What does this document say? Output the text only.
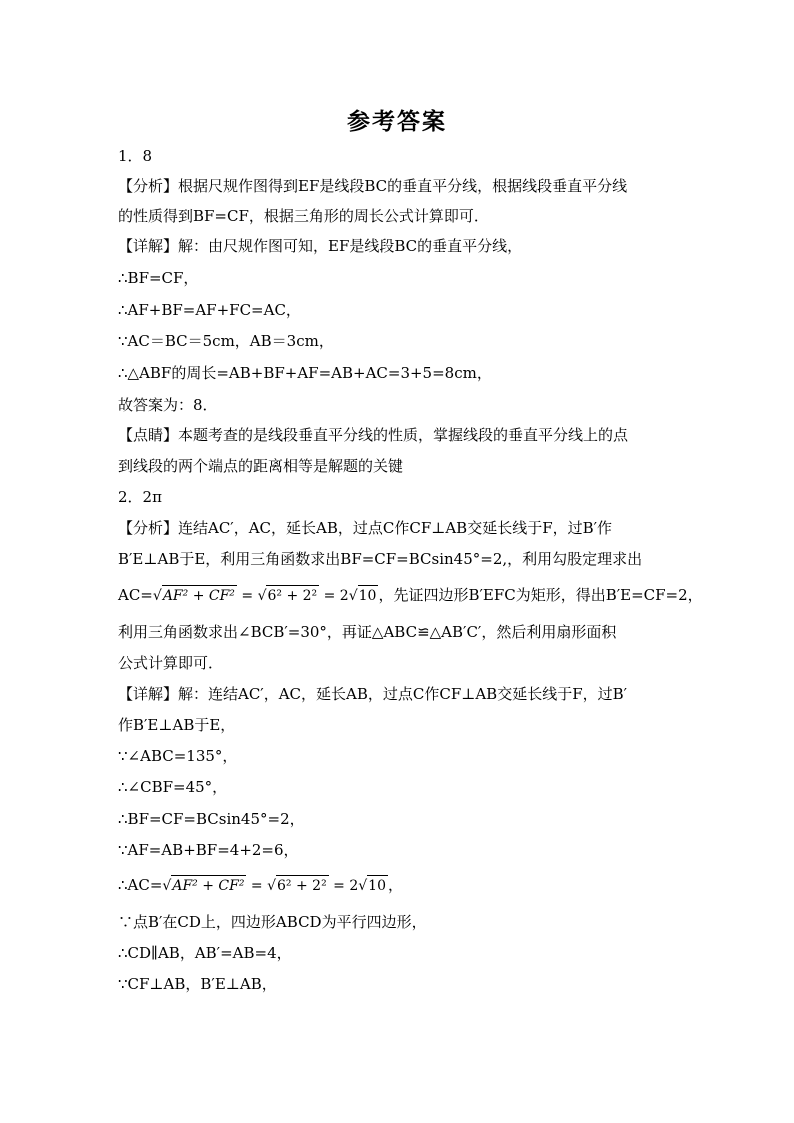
参考答案
1．8
【分析】根据尺规作图得到EF是线段BC的垂直平分线，根据线段垂直平分线
的性质得到BF=CF，根据三角形的周长公式计算即可．
【详解】解：由尺规作图可知，EF是线段BC的垂直平分线，
∴BF=CF，
∴AF+BF=AF+FC=AC，
∵AC＝BC＝5cm，AB＝3cm，
∴△ABF的周长=AB+BF+AF=AB+AC=3+5=8cm，
故答案为：8．
【点睛】本题考查的是线段垂直平分线的性质，掌握线段的垂直平分线上的点
到线段的两个端点的距离相等是解题的关键
2．2π
【分析】连结AC′，AC，延长AB，过点C作CF⊥AB交延长线于F，过B′作
B′E⊥AB于E，利用三角函数求出BF=CF=BCsin45°=2,，利用勾股定理求出
AC=√AF² + CF² = √6² + 2² = 2√10 ，先证四边形B′EFC为矩形，得出B′E=CF=2，
利用三角函数求出∠BCB′=30°，再证△ABC≌△AB′C′，然后利用扇形面积
公式计算即可．
【详解】解：连结AC′，AC，延长AB，过点C作CF⊥AB交延长线于F，过B′
作B′E⊥AB于E，
∵∠ABC=135°，
∴∠CBF=45°，
∴BF=CF=BCsin45°=2，
∵AF=AB+BF=4+2=6，
∴AC=√AF² + CF² = √6² + 2² = 2√10 ，
∵点B′在CD上，四边形ABCD为平行四边形，
∴CD∥AB，AB′=AB=4，
∵CF⊥AB，B′E⊥AB，
